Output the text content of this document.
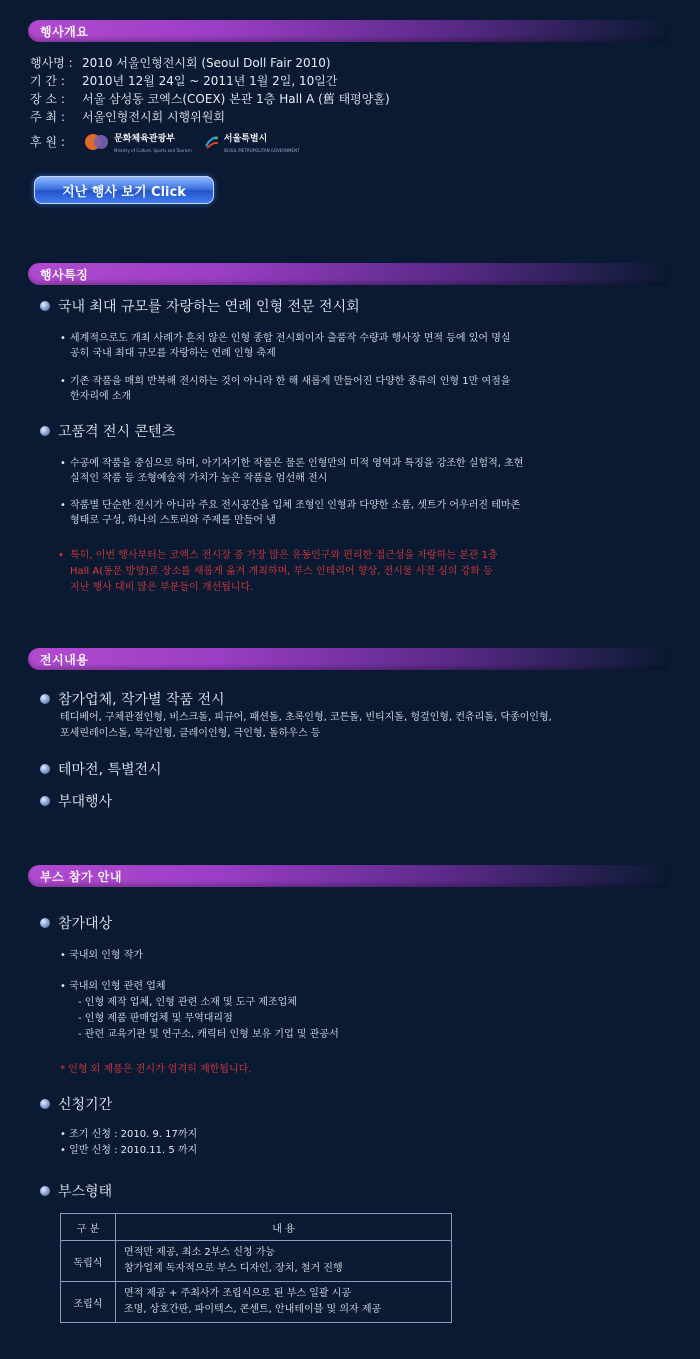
행사개요
행사명 : 2010 서울인형전시회 (Seoul Doll Fair 2010)
기 간 :	2010년 12월 24일 ~ 2011년 1월 2일, 10일간
장 소 :	서울 삼성동 코엑스(COEX) 본관 1층 Hall A (舊 태평양홀)
주 최 :	서울인형전시회 시행위원회
후 원 :	문화체육관광부
Ministry of Culture, Sports and Tourism
서울특별시
SEOUL METROPOLITAN GOVERNMENT
지난 행사 보기 Click
행사특징
국내 최대 규모를 자랑하는 연례 인형 전문 전시회
• 세계적으로도 개최 사례가 흔치 않은 인형 종합 전시회이자 출품작 수량과 행사장 면적 등에 있어 명실
공히 국내 최대 규모를 자랑하는 연례 인형 축제
• 기존 작품을 매회 반복해 전시하는 것이 아니라 한 해 새롭게 만들어진 다양한 종류의 인형 1만 여점을
한자리에 소개
고품격 전시 콘텐츠
• 수공예 작품을 중심으로 하며, 아기자기한 작품은 물론 인형만의 미적 영역과 특징을 강조한 실험적, 초현
실적인 작품 등 조형예술적 가치가 높은 작품을 엄선해 전시
• 작품별 단순한 전시가 아니라 주요 전시공간을 입체 조형인 인형과 다양한 소품, 셋트가 어우러진 테마존
형태로 구성, 하나의 스토리와 주제를 만들어 냄
• 특히, 이번 행사부터는 코엑스 전시장 중 가장 많은 유동인구와 편리한 접근성을 자랑하는 본관 1층
Hall A(동문 방향)로 장소를 새롭게 옮겨 개최하며, 부스 인테리어 향상, 전시물 사전 심의 강화 등
지난 행사 대비 많은 부분들이 개선됩니다.
전시내용
참가업체, 작가별 작품 전시
테디베어, 구체관절인형, 비스크돌, 피규어, 패션돌, 초록인형, 코튼돌, 빈티지돌, 헝겊인형, 컨츄리돌, 닥종이인형,
포세린레이스돌, 목각인형, 클레이인형, 극인형, 돌하우스 등
테마전, 특별전시
부대행사
부스 참가 안내
참가대상
• 국내외 인형 작가
• 국내외 인형 관련 업체
- 인형 제작 업체, 인형 관련 소재 및 도구 제조업체
- 인형 제품 판매업체 및 무역대리점
- 관련 교육기관 및 연구소, 캐릭터 인형 보유 기업 및 관공서
* 인형 외 제품은 전시가 엄격히 제한됩니다.
신청기간
• 조기 신청 : 2010. 9. 17까지
• 일반 신청 : 2010.11. 5 까지
부스형태
구 분	내 용
독립식	면적만 제공, 최소 2부스 신청 가능
참가업체 독자적으로 부스 디자인, 장치, 철거 진행

조립식	면적 제공 + 주최사가 조립식으로 된 부스 일괄 시공
조명, 상호간판, 파이텍스, 콘센트, 안내테이블 및 의자 제공
